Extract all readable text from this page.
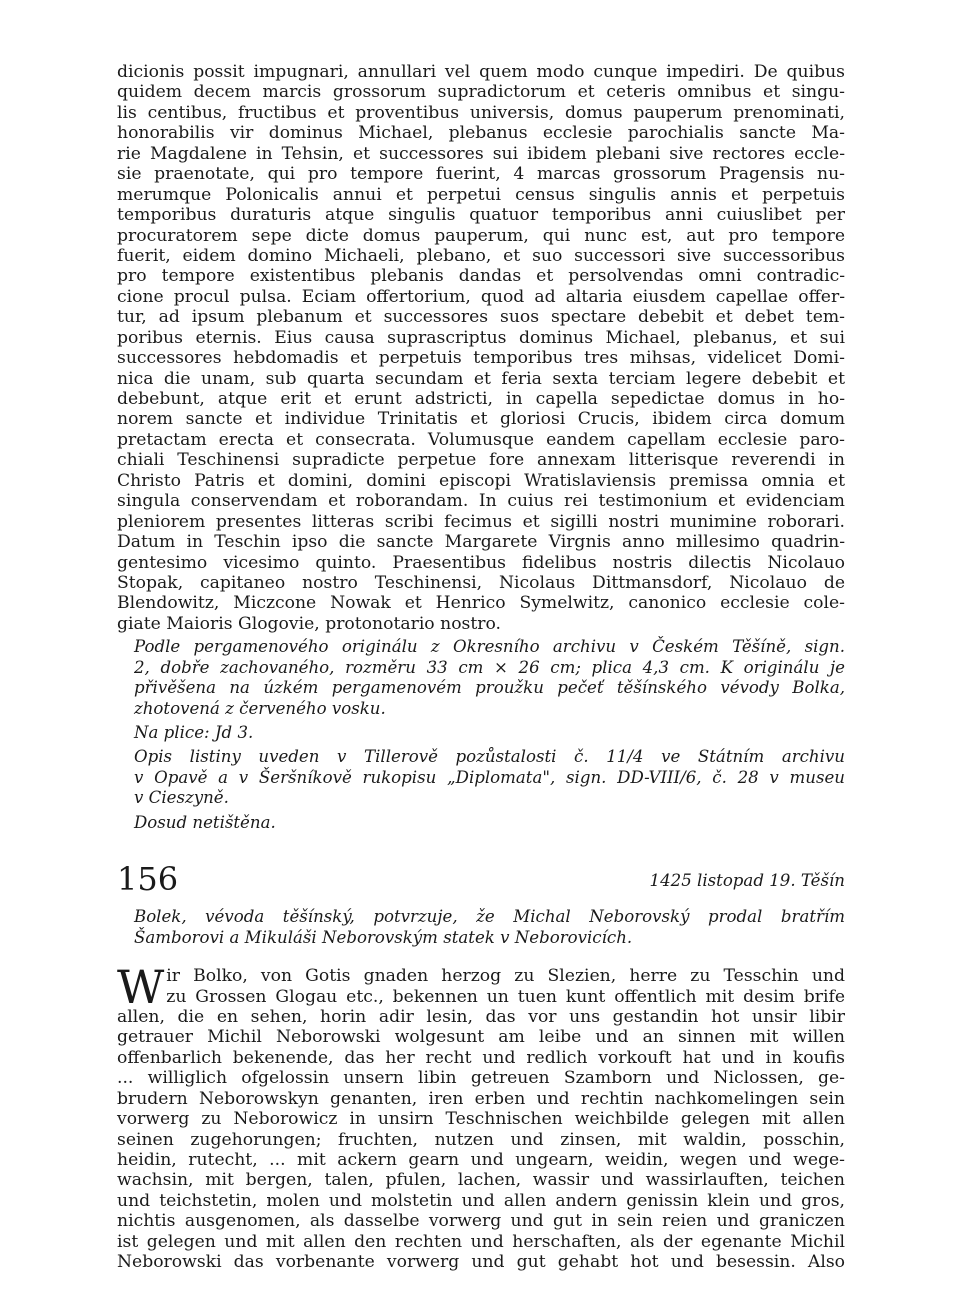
dicionis possit impugnari, annullari vel quem modo cunque impediri. De quibus
quidem decem marcis grossorum supradictorum et ceteris omnibus et singu-
lis centibus, fructibus et proventibus universis, domus pauperum prenominati,
honorabilis vir dominus Michael, plebanus ecclesie parochialis sancte Ma-
rie Magdalene in Tehsin, et successores sui ibidem plebani sive rectores eccle-
sie praenotate, qui pro tempore fuerint, 4 marcas grossorum Pragensis nu-
merumque Polonicalis annui et perpetui census singulis annis et perpetuis
temporibus duraturis atque singulis quatuor temporibus anni cuiuslibet per
procuratorem sepe dicte domus pauperum, qui nunc est, aut pro tempore
fuerit, eidem domino Michaeli, plebano, et suo successori sive successoribus
pro tempore existentibus plebanis dandas et persolvendas omni contradic-
cione procul pulsa. Eciam offertorium, quod ad altaria eiusdem capellae offer-
tur, ad ipsum plebanum et successores suos spectare debebit et debet tem-
poribus eternis. Eius causa suprascriptus dominus Michael, plebanus, et sui
successores hebdomadis et perpetuis temporibus tres mihsas, videlicet Domi-
nica die unam, sub quarta secundam et feria sexta terciam legere debebit et
debebunt, atque erit et erunt adstricti, in capella sepedictae domus in ho-
norem sancte et individue Trinitatis et gloriosi Crucis, ibidem circa domum
pretactam erecta et consecrata. Volumusque eandem capellam ecclesie paro-
chiali Teschinensi supradicte perpetue fore annexam litterisque reverendi in
Christo Patris et domini, domini episcopi Wratislaviensis premissa omnia et
singula conservendam et roborandam. In cuius rei testimonium et evidenciam
pleniorem presentes litteras scribi fecimus et sigilli nostri munimine roborari.
Datum in Teschin ipso die sancte Margarete Virgnis anno millesimo quadrin-
gentesimo vicesimo quinto. Praesentibus fidelibus nostris dilectis Nicolauo
Stopak, capitaneo nostro Teschinensi, Nicolaus Dittmansdorf, Nicolauo de
Blendowitz, Miczcone Nowak et Henrico Symelwitz, canonico ecclesie cole-
giate Maioris Glogovie, protonotario nostro.
Podle pergamenového originálu z Okresního archivu v Českém Těšíně, sign.
2, dobře zachovaného, rozměru 33 cm × 26 cm; plica 4,3 cm. K originálu je
přivěšena na úzkém pergamenovém proužku pečeť těšínského vévody Bolka,
zhotovená z červeného vosku.
Na plice: Jd 3.
Opis listiny uveden v Tillerově pozůstalosti č. 11/4 ve Státním archivu
v Opavě a v Šeršníkově rukopisu „Diplomata", sign. DD-VIII/6, č. 28 v museu
v Cieszyně.
Dosud netištěna.
156	1425 listopad 19. Těšín
Bolek, vévoda těšínský, potvrzuje, že Michal Neborovský prodal bratřím
Šamborovi a Mikuláši Neborovským statek v Neborovicích.
W ir Bolko, von Gotis gnaden herzog zu Slezien, herre zu Tesschin und
zu Grossen Glogau etc., bekennen un tuen kunt offentlich mit desim brife
allen, die en sehen, horin adir lesin, das vor uns gestandin hot unsir libir
getrauer Michil Neborowski wolgesunt am leibe und an sinnen mit willen
offenbarlich bekenende, das her recht und redlich vorkouft hat und in koufis
... williglich ofgelossin unsern libin getreuen Szamborn und Niclossen, ge-
brudern Neborowskyn genanten, iren erben und rechtin nachkomelingen sein
vorwerg zu Neborowicz in unsirn Teschnischen weichbilde gelegen mit allen
seinen zugehorungen; fruchten, nutzen und zinsen, mit waldin, posschin,
heidin, rutecht, ... mit ackern gearn und ungearn, weidin, wegen und wege-
wachsin, mit bergen, talen, pfulen, lachen, wassir und wassirlauften, teichen
und teichstetin, molen und molstetin und allen andern genissin klein und gros,
nichtis ausgenomen, als dasselbe vorwerg und gut in sein reien und graniczen
ist gelegen und mit allen den rechten und herschaften, als der egenante Michil
Neborowski das vorbenante vorwerg und gut gehabt hot und besessin. Also
